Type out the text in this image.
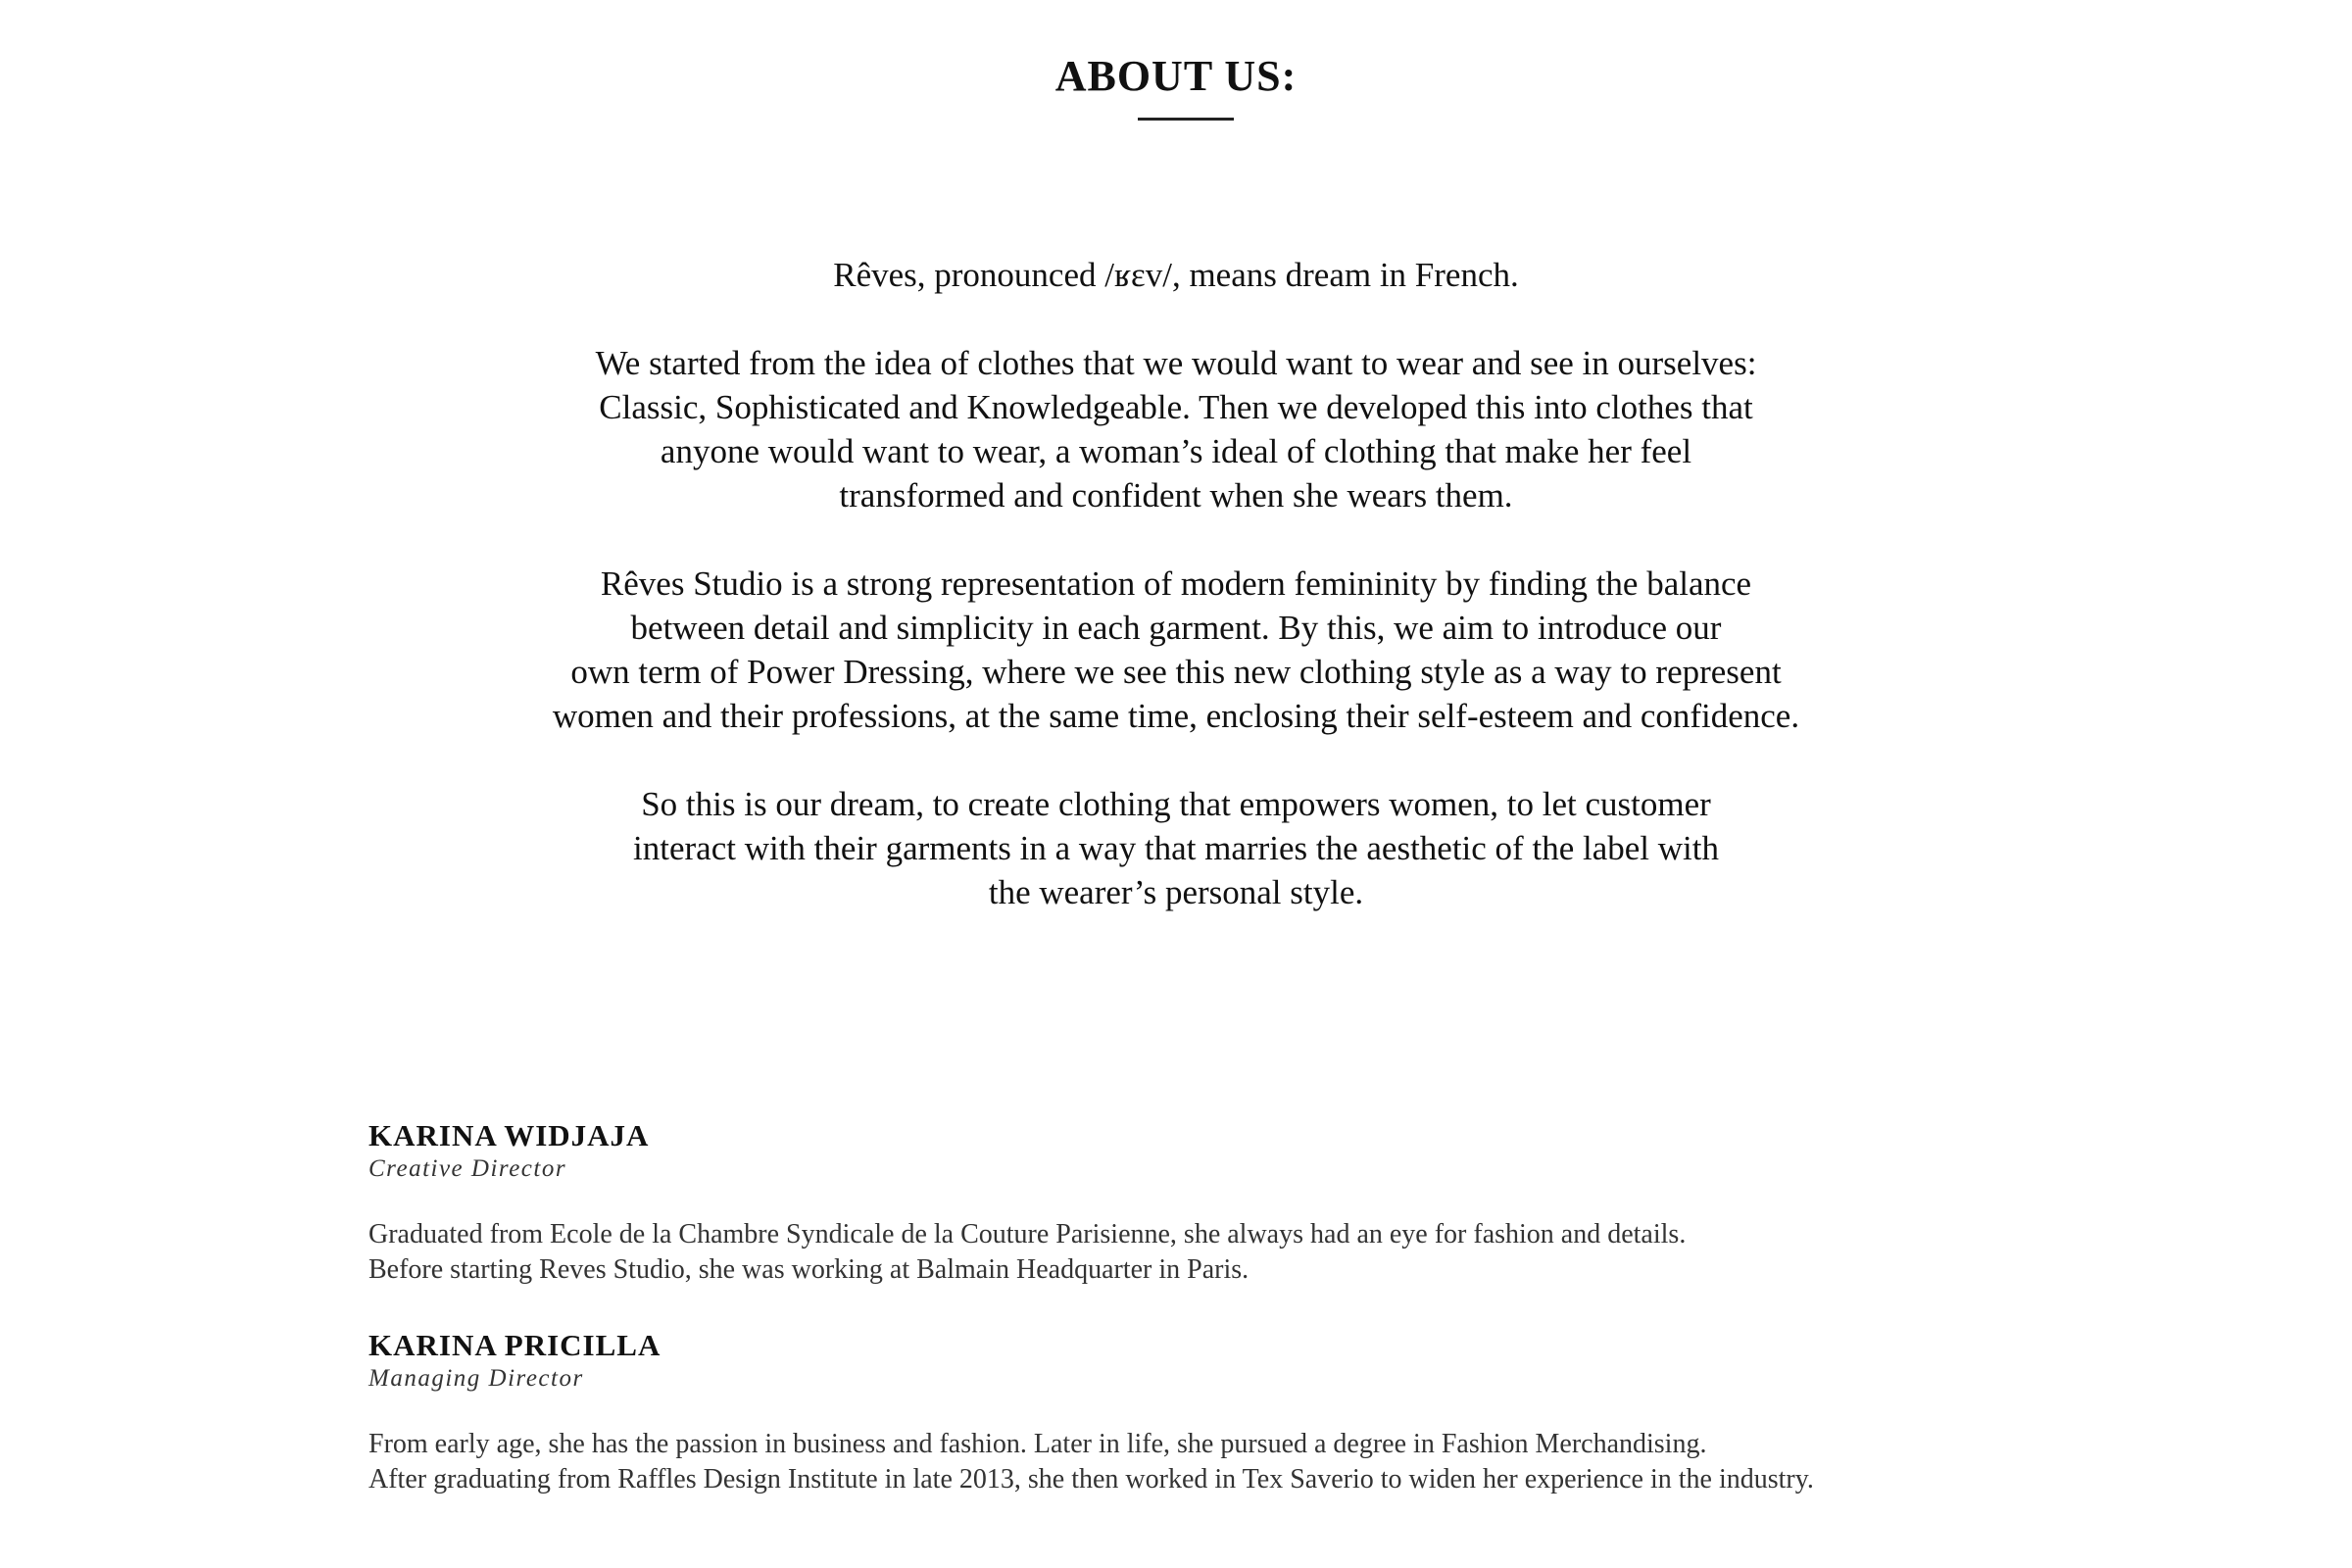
ABOUT US:

Rêves, pronounced /ʁɛv/, means dream in French.

We started from the idea of clothes that we would want to wear and see in ourselves:
Classic, Sophisticated and Knowledgeable. Then we developed this into clothes that
anyone would want to wear, a woman’s ideal of clothing that make her feel
transformed and confident when she wears them.

Rêves Studio is a strong representation of modern femininity by finding the balance
between detail and simplicity in each garment. By this, we aim to introduce our
own term of Power Dressing, where we see this new clothing style as a way to represent
women and their professions, at the same time, enclosing their self-esteem and confidence.

So this is our dream, to create clothing that empowers women, to let customer
interact with their garments in a way that marries the aesthetic of the label with
the wearer’s personal style.

KARINA WIDJAJA
Creative Director

Graduated from Ecole de la Chambre Syndicale de la Couture Parisienne, she always had an eye for fashion and details.
Before starting Reves Studio, she was working at Balmain Headquarter in Paris.

KARINA PRICILLA
Managing Director

From early age, she has the passion in business and fashion. Later in life, she pursued a degree in Fashion Merchandising.
After graduating from Raffles Design Institute in late 2013, she then worked in Tex Saverio to widen her experience in the industry.
